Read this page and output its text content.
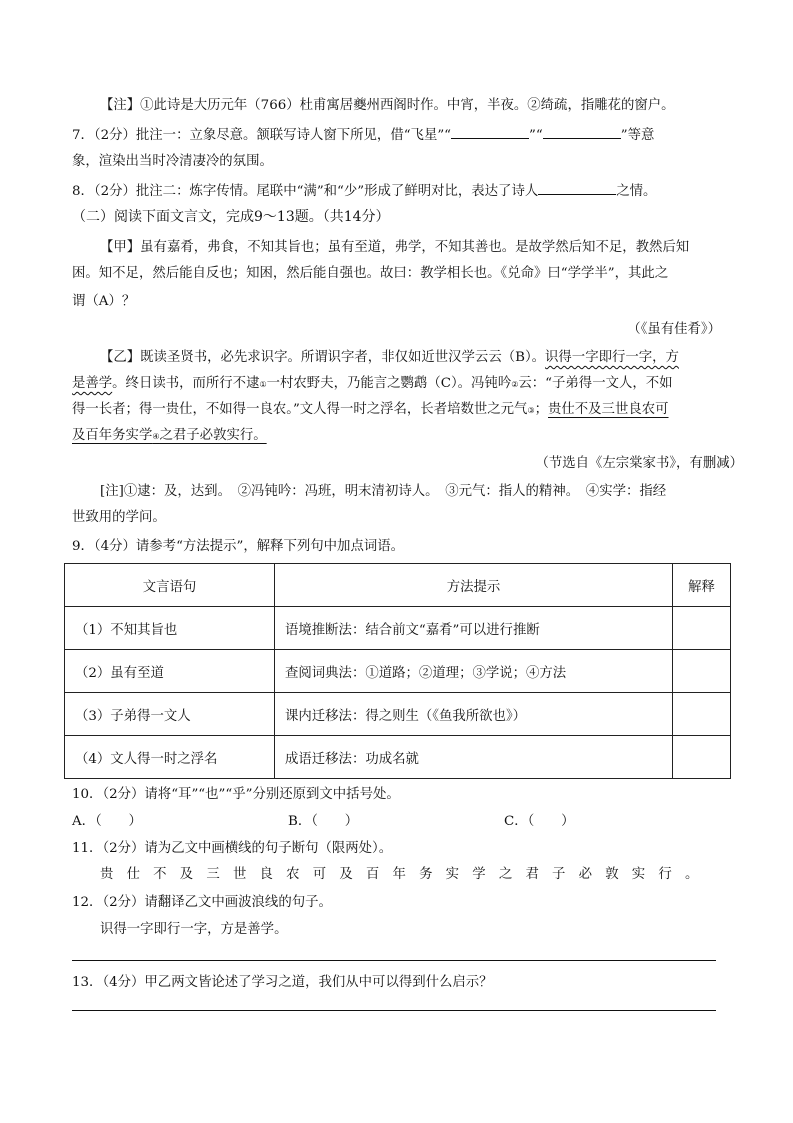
【注】①此诗是大历元年（766）杜甫寓居夔州西阁时作。中宵，半夜。②绮疏，指雕花的窗户。
7．（2分）批注一：立象尽意。颔联写诗人窗下所见，借“飞星”“	”“	”等意
象，渲染出当时冷清凄冷的氛围。
8．（2分）批注二：炼字传情。尾联中“满”和“少”形成了鲜明对比，表达了诗人	之情。
（二）阅读下面文言文，完成9～13题。（共14分）
【甲】虽有嘉肴，弗食，不知其旨也；虽有至道，弗学，不知其善也。是故学然后知不足，教然后知
困。知不足，然后能自反也；知困，然后能自强也。故曰：教学相长也。《兑命》曰“学学半”，其此之
谓（A）？
（《虽有佳肴》）
【乙】既读圣贤书，必先求识字。所谓识字者，非仅如近世汉学云云（B）。识得一字即行一字，方
是善学。终日读书，而所行不逮①一村农野夫，乃能言之鹦鹉（C）。冯钝吟②云：“子弟得一文人，不如
得一长者；得一贵仕，不如得一良农。”文人得一时之浮名，长者培数世之元气③；贵仕不及三世良农可
及百年务实学④之君子必敦实行。
（节选自《左宗棠家书》，有删减）
[注]①逮：及，达到。　②冯钝吟：冯班，明末清初诗人。　③元气：指人的精神。　④实学：指经
世致用的学问。
9．（4分）请参考“方法提示”，解释下列句中加点词语。
文言语句	方法提示	解释
（1）不知其旨也	语境推断法：结合前文“嘉肴”可以进行推断	
（2）虽有至道	查阅词典法：①道路；②道理；③学说；④方法	
（3）子弟得一文人	课内迁移法：得之则生（《鱼我所欲也》）	
（4）文人得一时之浮名	成语迁移法：功成名就	
10．（2分）请将“耳”“也”“乎”分别还原到文中括号处。
A．（　　）	B．（　　）	C．（　　）
11．（2分）请为乙文中画横线的句子断句（限两处）。
贵仕不及三世良农可及百年务实学之君子必敦实行。
12．（2分）请翻译乙文中画波浪线的句子。
识得一字即行一字，方是善学。
13．（4分）甲乙两文皆论述了学习之道，我们从中可以得到什么启示？
